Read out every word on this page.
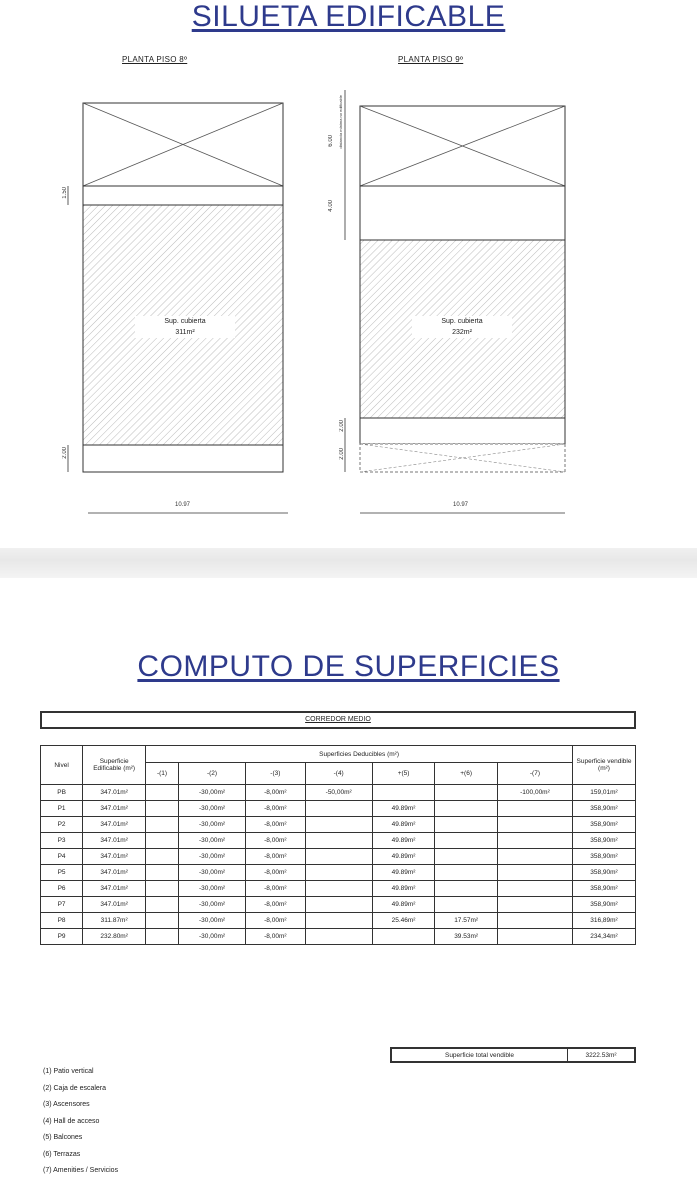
SILUETA EDIFICABLE
PLANTA PISO 8º	PLANTA PISO 9º
1.50
2.00
Sup. cubierta
311m²
10.97
6.00
4.00
distancia mínima no edificable
2.00
2.00
Sup. cubierta
232m²
10.97
COMPUTO DE SUPERFICIES
CORREDOR MEDIO
Nivel	Superficie Edificable (m²)	Superficies Deducibles (m²)							Superficie vendible (m²)
		-(1)	-(2)	-(3)	-(4)	+(5)	+(6)	-(7)	
PB	347.01m²		-30,00m²	-8,00m²	-50,00m²			-100,00m²	159,01m²
P1	347.01m²		-30,00m²	-8,00m²		49.89m²			358,90m²
P2	347.01m²		-30,00m²	-8,00m²		49.89m²			358,90m²
P3	347.01m²		-30,00m²	-8,00m²		49.89m²			358,90m²
P4	347.01m²		-30,00m²	-8,00m²		49.89m²			358,90m²
P5	347.01m²		-30,00m²	-8,00m²		49.89m²			358,90m²
P6	347.01m²		-30,00m²	-8,00m²		49.89m²			358,90m²
P7	347.01m²		-30,00m²	-8,00m²		49.89m²			358,90m²
P8	311.87m²		-30,00m²	-8,00m²		25.46m²	17.57m²		316,89m²
P9	232.80m²		-30,00m²	-8,00m²			39.53m²		234,34m²
Superficie total vendible	3222.53m²
(1) Patio vertical
(2) Caja de escalera
(3) Ascensores
(4) Hall de acceso
(5) Balcones
(6) Terrazas
(7) Amenities / Servicios
